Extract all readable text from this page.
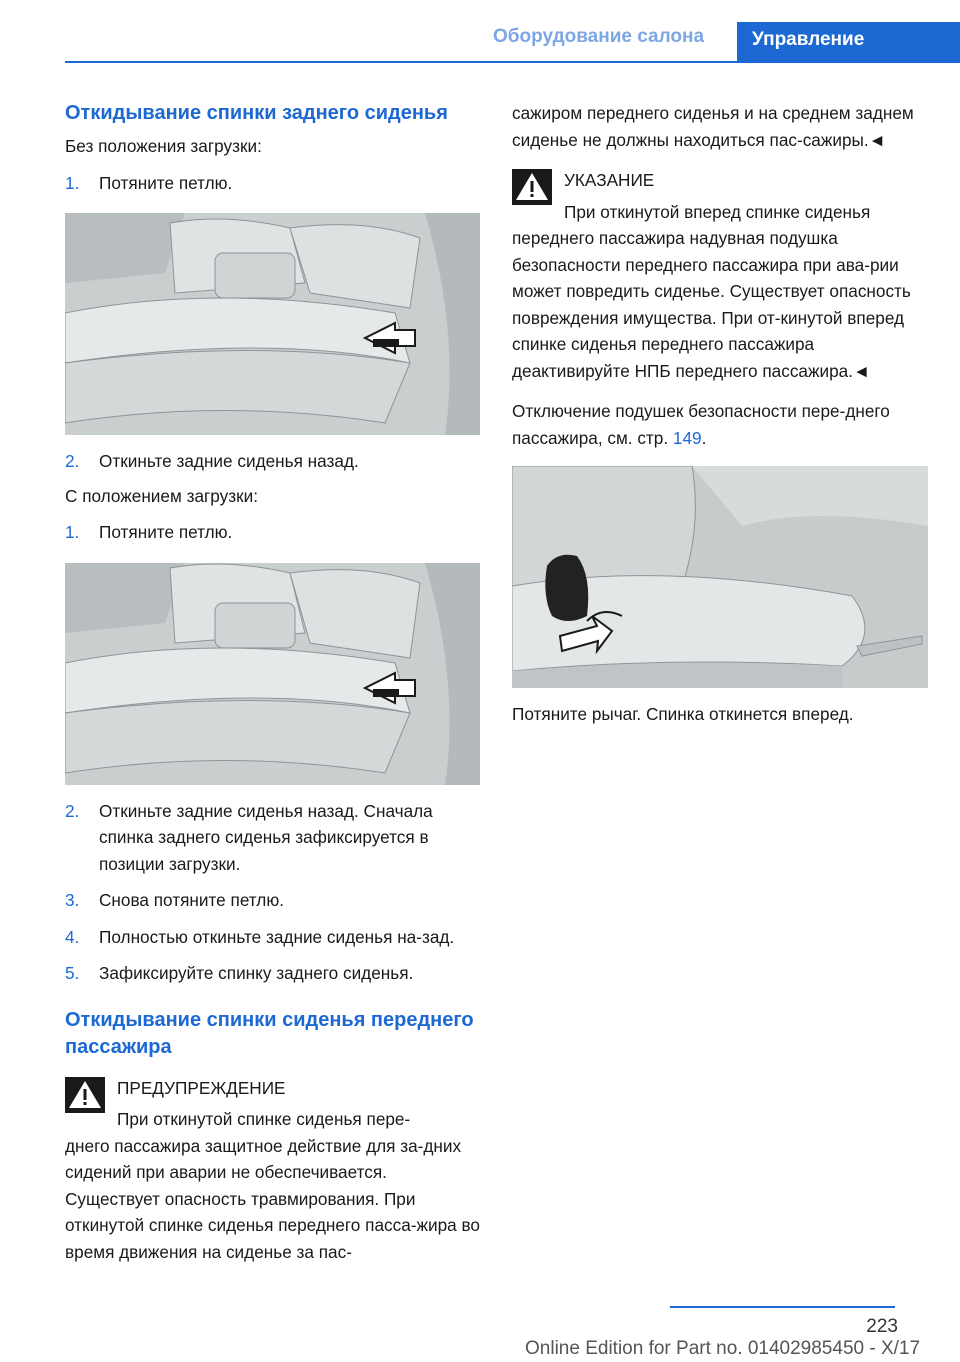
Оборудование салона	Управление
Откидывание спинки заднего сиденья

Без положения загрузки:

1. Потяните петлю.
2. Откиньте задние сиденья назад.

С положением загрузки:

1. Потяните петлю.
2. Откиньте задние сиденья назад. Сначала спинка заднего сиденья зафиксируется в позиции загрузки.
3. Снова потяните петлю.
4. Полностью откиньте задние сиденья на-зад.
5. Зафиксируйте спинку заднего сиденья.
Откидывание спинки сиденья переднего пассажира
ПРЕДУПРЕЖДЕНИЕ
При откинутой спинке сиденья пере-
днего пассажира защитное действие для за-дних сидений при аварии не обеспечивается. Существует опасность травмирования. При откинутой спинке сиденья переднего пасса-жира во время движения на сиденье за пас-

сажиром переднего сиденья и на среднем заднем сиденье не должны находиться пас-сажиры.◄

УКАЗАНИЕ
При откинутой вперед спинке сиденья
переднего пассажира надувная подушка безопасности переднего пассажира при ава-рии может повредить сиденье. Существует опасность повреждения имущества. При от-кинутой вперед спинке сиденья переднего пассажира деактивируйте НПБ переднего пассажира.◄

Отключение подушек безопасности пере-днего пассажира, см. стр. 149.

Потяните рычаг. Спинка откинется вперед.

223
Online Edition for Part no. 01402985450 - X/17
